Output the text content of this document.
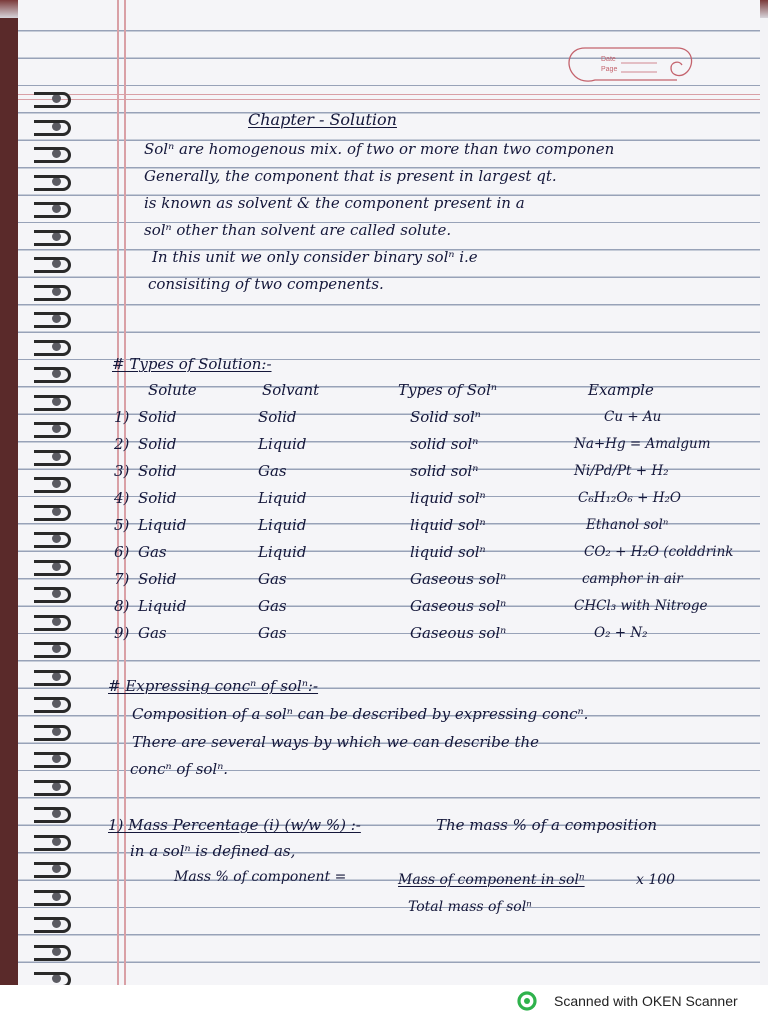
Date
Page
Chapter - Solution
Solⁿ are homogenous mix. of two or more than two componen
Generally, the component that is present in largest qt.
is known as solvent & the component present in a
solⁿ other than solvent are called solute.
In this unit we only consider binary solⁿ i.e
consisiting of two compenents.
# Types of Solution:-
Solute	Solvant	Types of Solⁿ	Example
1) Solid	Solid	Solid solⁿ	Cu + Au
2) Solid	Liquid	solid solⁿ	Na+Hg = Amalgum
3) Solid	Gas	solid solⁿ	Ni/Pd/Pt + H₂
4) Solid	Liquid	liquid solⁿ	C₆H₁₂O₆ + H₂O
5) Liquid	Liquid	liquid solⁿ	Ethanol solⁿ
6) Gas	Liquid	liquid solⁿ	CO₂ + H₂O (colddrink
7) Solid	Gas	Gaseous solⁿ	camphor in air
8) Liquid	Gas	Gaseous solⁿ	CHCl₃ with Nitroge
9) Gas	Gas	Gaseous solⁿ	O₂ + N₂
# Expressing concⁿ of solⁿ:-
Composition of a solⁿ can be described by expressing concⁿ.
There are several ways by which we can describe the
concⁿ of solⁿ.
1) Mass Percentage (i) (w/w %) :-	The mass % of a composition
in a solⁿ is defined as,
Mass % of component =	Mass of component in solⁿ	x 100
Total mass of solⁿ
Scanned with OKEN Scanner
